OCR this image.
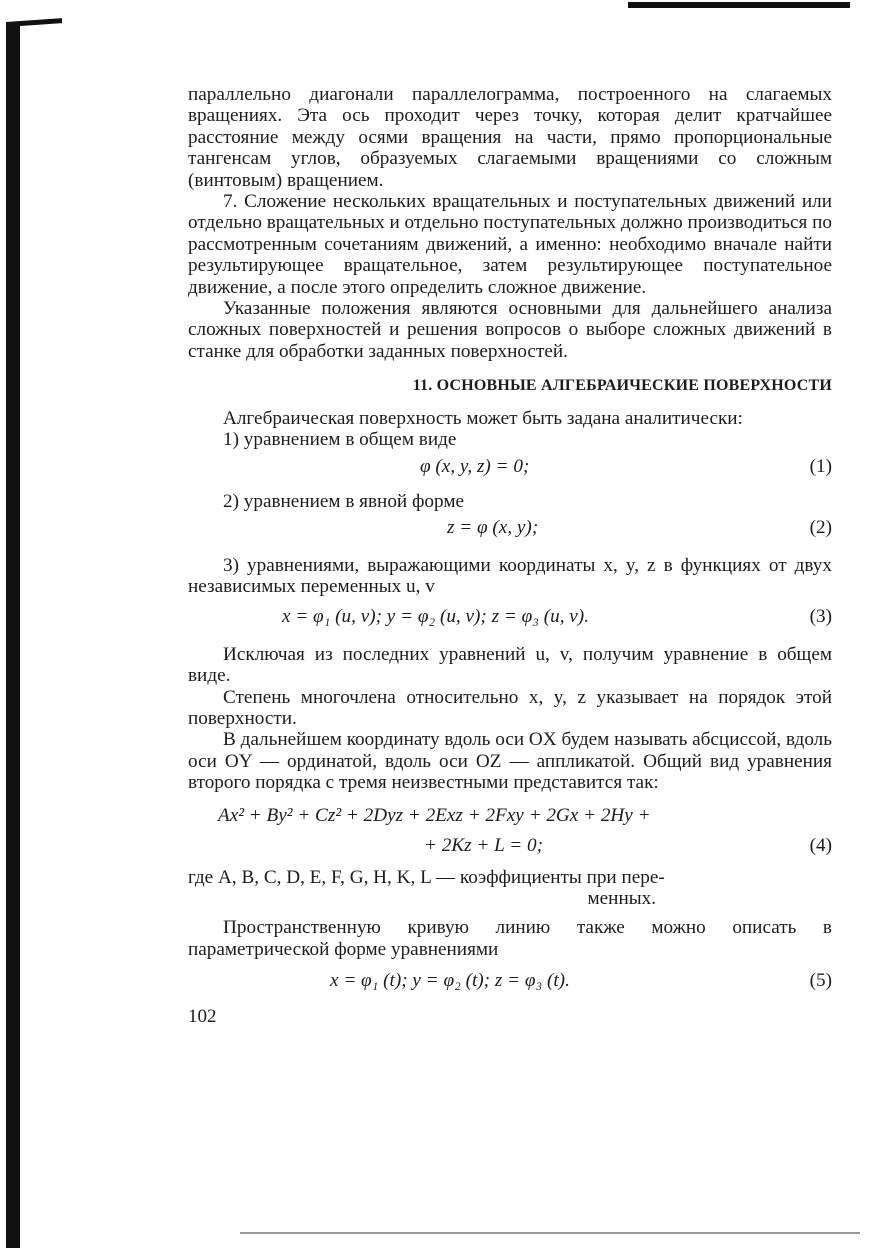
параллельно диагонали параллелограмма, построенного на слагаемых вращениях. Эта ось проходит через точку, которая делит кратчайшее расстояние между осями вращения на части, прямо пропорциональные тангенсам углов, образуемых слагаемыми вращениями со сложным (винтовым) вращением.

7. Сложение нескольких вращательных и поступательных движений или отдельно вращательных и отдельно поступательных должно производиться по рассмотренным сочетаниям движений, а именно: необходимо вначале найти результирующее вращательное, затем результирующее поступательное движение, а после этого определить сложное движение.

Указанные положения являются основными для дальнейшего анализа сложных поверхностей и решения вопросов о выборе сложных движений в станке для обработки заданных поверхностей.

11. ОСНОВНЫЕ АЛГЕБРАИЧЕСКИЕ ПОВЕРХНОСТИ

Алгебраическая поверхность может быть задана аналитически:

1) уравнением в общем виде

φ (x, y, z) = 0;	(1)

2) уравнением в явной форме

z = φ (x, y);	(2)

3) уравнениями, выражающими координаты x, y, z в функциях от двух независимых переменных u, v

x = φ₁ (u, v); y = φ₂ (u, v); z = φ₃ (u, v).	(3)

Исключая из последних уравнений u, v, получим уравнение в общем виде.

Степень многочлена относительно x, y, z указывает на порядок этой поверхности.

В дальнейшем координату вдоль оси OX будем называть абсциссой, вдоль оси OY — ординатой, вдоль оси OZ — аппликатой. Общий вид уравнения второго порядка с тремя неизвестными представится так:

Ax² + By² + Cz² + 2Dyz + 2Exz + 2Fxy + 2Gx + 2Hy +
+ 2Kz + L = 0;	(4)

где A, B, C, D, E, F, G, H, K, L — коэффициенты при пере-

менных.

Пространственную кривую линию также можно описать в параметрической форме уравнениями

x = φ₁ (t); y = φ₂ (t); z = φ₃ (t).	(5)
102
